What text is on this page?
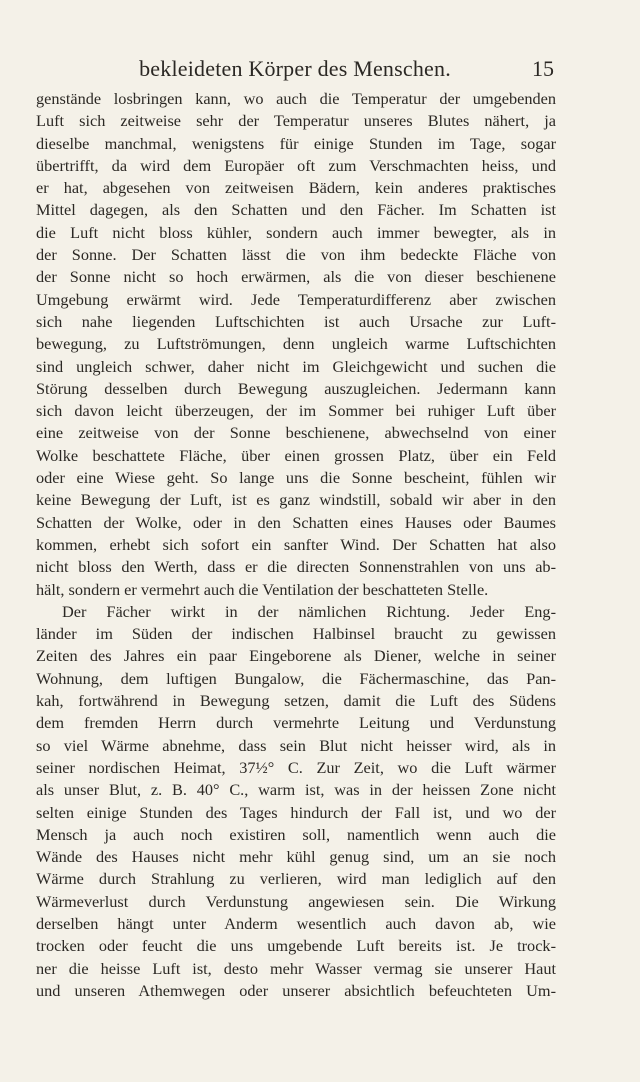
bekleideten Körper des Menschen.	15
genstände losbringen kann, wo auch die Temperatur der umgebenden
Luft sich zeitweise sehr der Temperatur unseres Blutes nähert, ja
dieselbe manchmal, wenigstens für einige Stunden im Tage, sogar
übertrifft, da wird dem Europäer oft zum Verschmachten heiss, und
er hat, abgesehen von zeitweisen Bädern, kein anderes praktisches
Mittel dagegen, als den Schatten und den Fächer. Im Schatten ist
die Luft nicht bloss kühler, sondern auch immer bewegter, als in
der Sonne. Der Schatten lässt die von ihm bedeckte Fläche von
der Sonne nicht so hoch erwärmen, als die von dieser beschienene
Umgebung erwärmt wird. Jede Temperaturdifferenz aber zwischen
sich nahe liegenden Luftschichten ist auch Ursache zur Luft-
bewegung, zu Luftströmungen, denn ungleich warme Luftschichten
sind ungleich schwer, daher nicht im Gleichgewicht und suchen die
Störung desselben durch Bewegung auszugleichen. Jedermann kann
sich davon leicht überzeugen, der im Sommer bei ruhiger Luft über
eine zeitweise von der Sonne beschienene, abwechselnd von einer
Wolke beschattete Fläche, über einen grossen Platz, über ein Feld
oder eine Wiese geht. So lange uns die Sonne bescheint, fühlen wir
keine Bewegung der Luft, ist es ganz windstill, sobald wir aber in den
Schatten der Wolke, oder in den Schatten eines Hauses oder Baumes
kommen, erhebt sich sofort ein sanfter Wind. Der Schatten hat also
nicht bloss den Werth, dass er die directen Sonnenstrahlen von uns ab-
hält, sondern er vermehrt auch die Ventilation der beschatteten Stelle.
Der Fächer wirkt in der nämlichen Richtung. Jeder Eng-
länder im Süden der indischen Halbinsel braucht zu gewissen
Zeiten des Jahres ein paar Eingeborene als Diener, welche in seiner
Wohnung, dem luftigen Bungalow, die Fächermaschine, das Pan-
kah, fortwährend in Bewegung setzen, damit die Luft des Südens
dem fremden Herrn durch vermehrte Leitung und Verdunstung
so viel Wärme abnehme, dass sein Blut nicht heisser wird, als in
seiner nordischen Heimat, 37½° C. Zur Zeit, wo die Luft wärmer
als unser Blut, z. B. 40° C., warm ist, was in der heissen Zone nicht
selten einige Stunden des Tages hindurch der Fall ist, und wo der
Mensch ja auch noch existiren soll, namentlich wenn auch die
Wände des Hauses nicht mehr kühl genug sind, um an sie noch
Wärme durch Strahlung zu verlieren, wird man lediglich auf den
Wärmeverlust durch Verdunstung angewiesen sein. Die Wirkung
derselben hängt unter Anderm wesentlich auch davon ab, wie
trocken oder feucht die uns umgebende Luft bereits ist. Je trock-
ner die heisse Luft ist, desto mehr Wasser vermag sie unserer Haut
und unseren Athemwegen oder unserer absichtlich befeuchteten Um-
